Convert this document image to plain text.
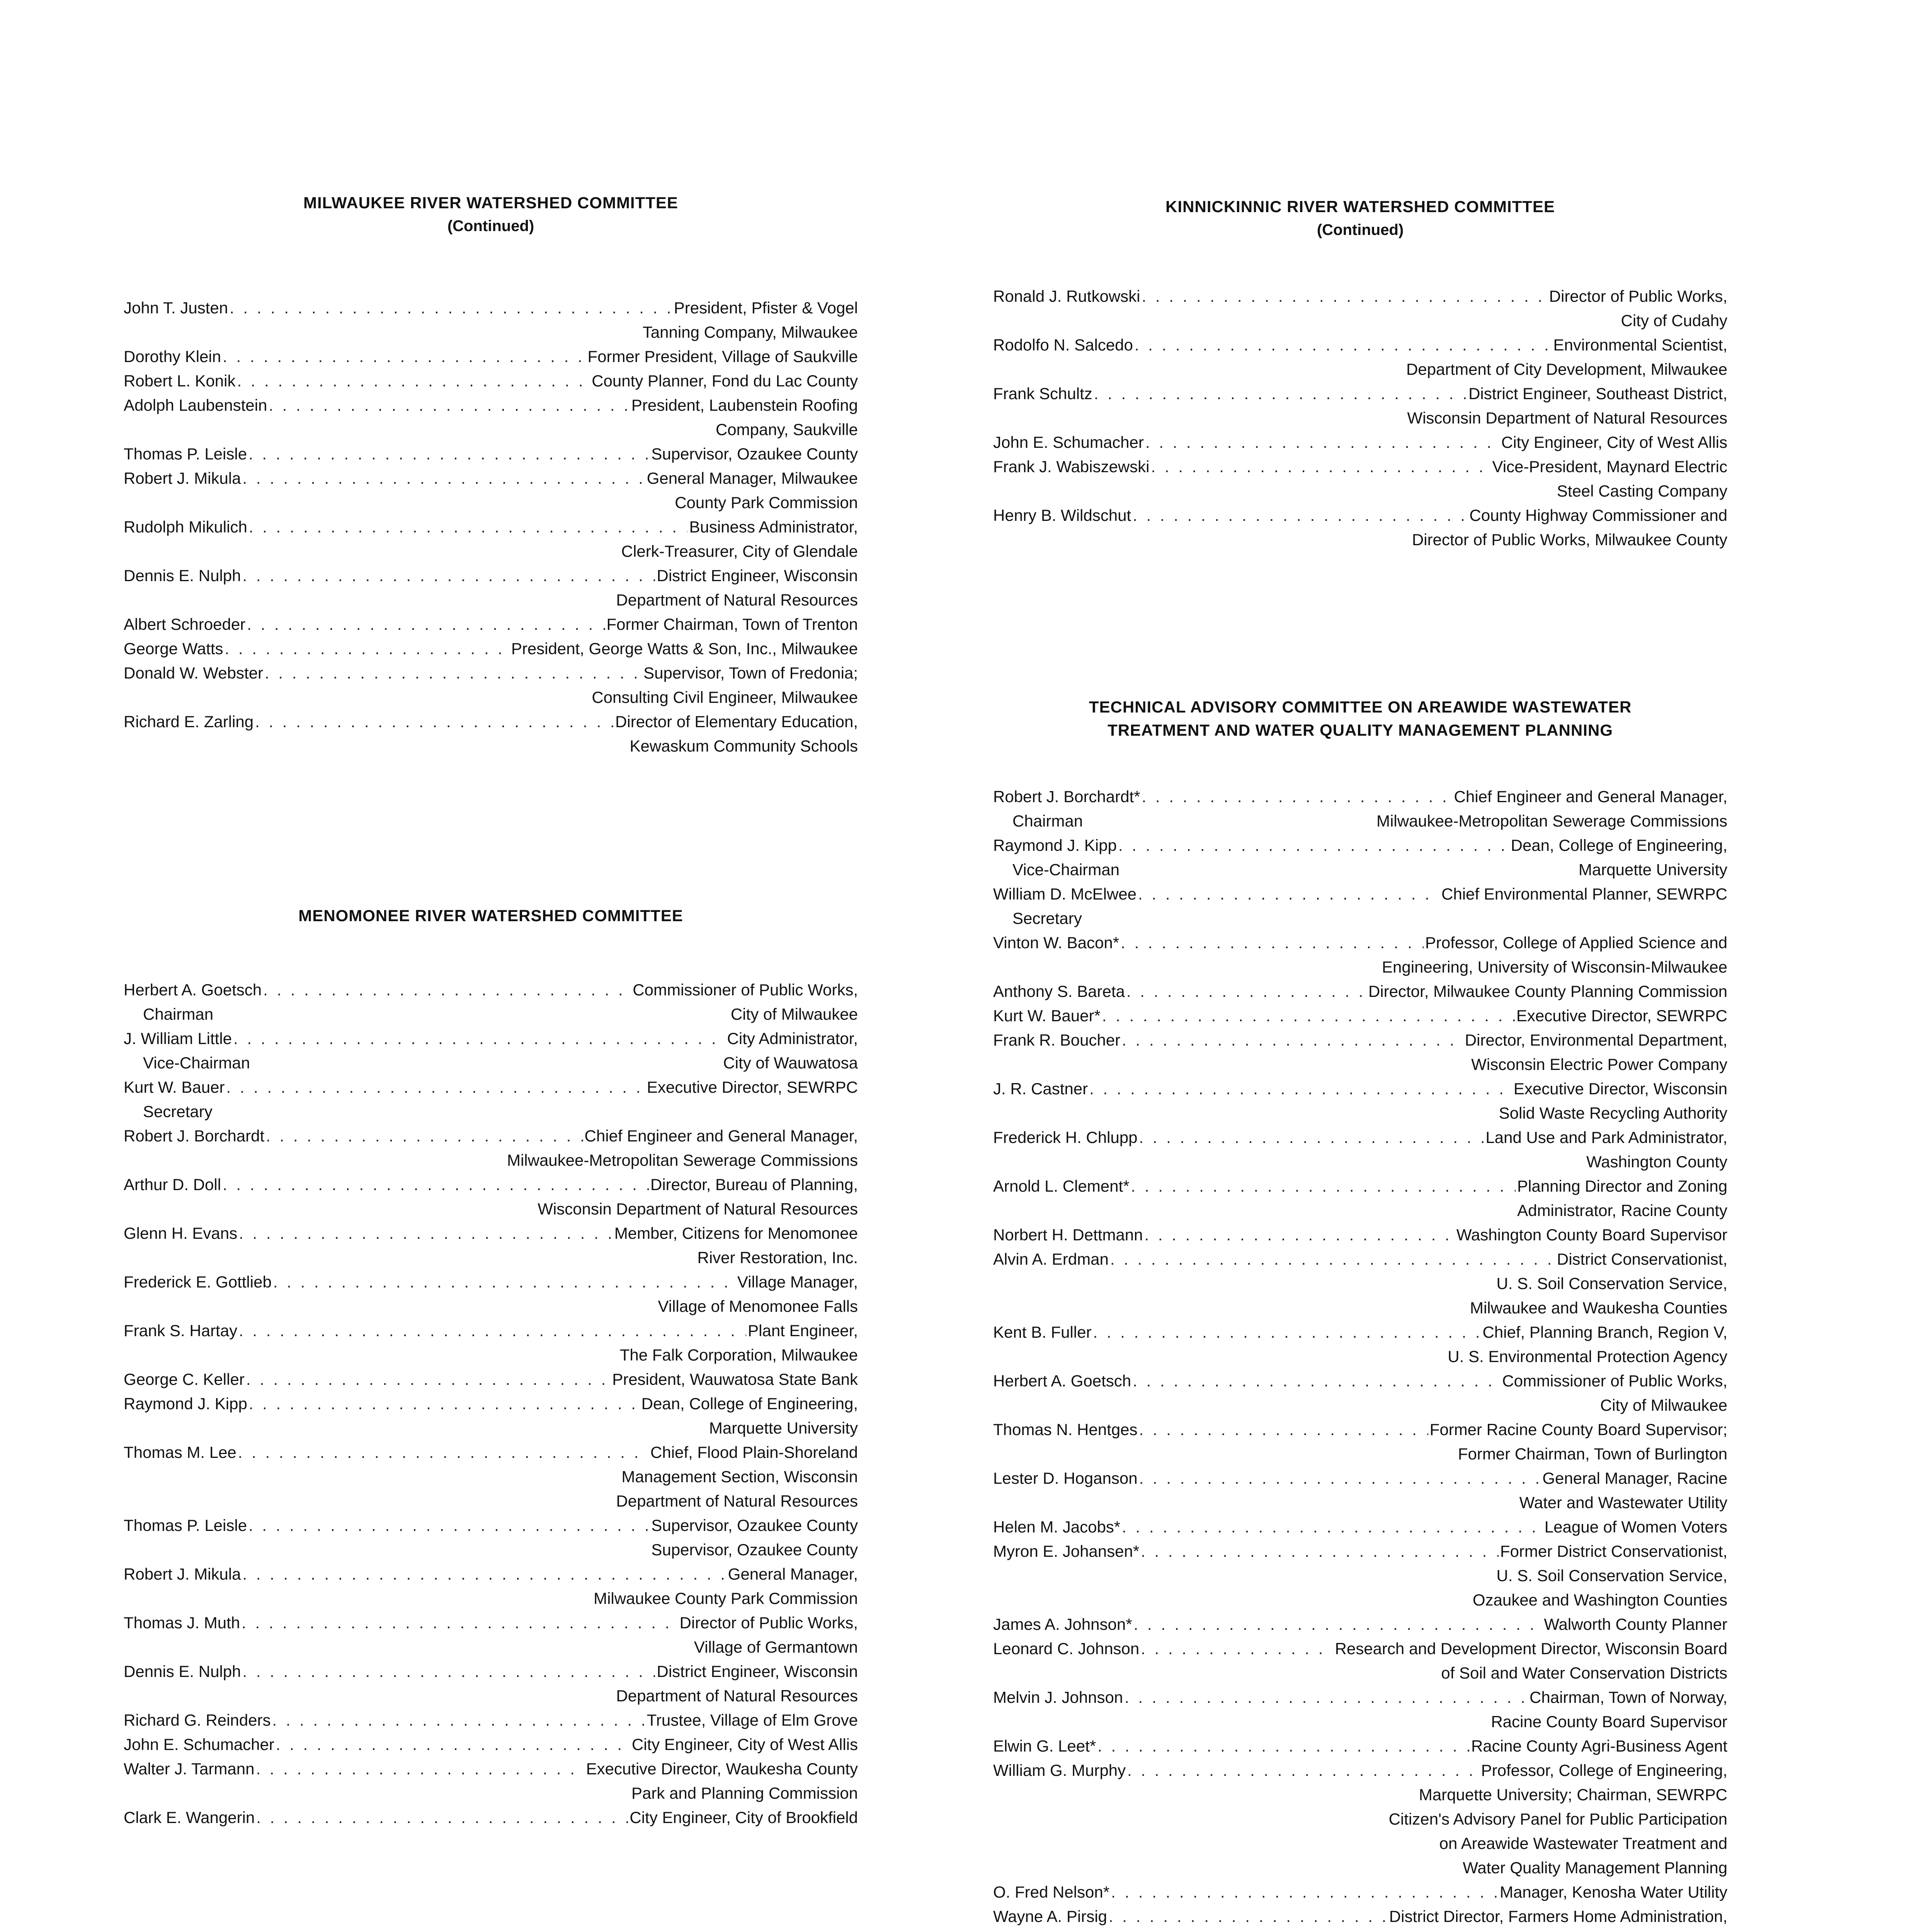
MILWAUKEE RIVER WATERSHED COMMITTEE
(Continued)
John T. Justen . . .	President, Pfister & Vogel
Tanning Company, Milwaukee
Dorothy Klein . . .	Former President, Village of Saukville
Robert L. Konik . . .	County Planner, Fond du Lac County
Adolph Laubenstein . . .	President, Laubenstein Roofing
Company, Saukville
Thomas P. Leisle . . .	Supervisor, Ozaukee County
Robert J. Mikula . . .	General Manager, Milwaukee
County Park Commission
Rudolph Mikulich . . .	Business Administrator,
Clerk-Treasurer, City of Glendale
Dennis E. Nulph . . .	District Engineer, Wisconsin
Department of Natural Resources
Albert Schroeder . . .	Former Chairman, Town of Trenton
George Watts . . .	President, George Watts & Son, Inc., Milwaukee
Donald W. Webster . . .	Supervisor, Town of Fredonia;
Consulting Civil Engineer, Milwaukee
Richard E. Zarling . . .	Director of Elementary Education,
Kewaskum Community Schools
MENOMONEE RIVER WATERSHED COMMITTEE
Herbert A. Goetsch . . .	Commissioner of Public Works,
Chairman	City of Milwaukee
J. William Little . . .	City Administrator,
Vice-Chairman	City of Wauwatosa
Kurt W. Bauer . . .	Executive Director, SEWRPC
Secretary
Robert J. Borchardt . . .	Chief Engineer and General Manager,
Milwaukee-Metropolitan Sewerage Commissions
Arthur D. Doll . . .	Director, Bureau of Planning,
Wisconsin Department of Natural Resources
Glenn H. Evans . . .	Member, Citizens for Menomonee
River Restoration, Inc.
Frederick E. Gottlieb . . .	Village Manager,
Village of Menomonee Falls
Frank S. Hartay . . .	Plant Engineer,
The Falk Corporation, Milwaukee
George C. Keller . . .	President, Wauwatosa State Bank
Raymond J. Kipp . . .	Dean, College of Engineering,
Marquette University
Thomas M. Lee . . .	Chief, Flood Plain-Shoreland
Management Section, Wisconsin
Department of Natural Resources
Thomas P. Leisle . . .	Supervisor, Ozaukee County
Supervisor, Ozaukee County
Robert J. Mikula . . .	General Manager,
Milwaukee County Park Commission
Thomas J. Muth . . .	Director of Public Works,
Village of Germantown
Dennis E. Nulph . . .	District Engineer, Wisconsin
Department of Natural Resources
Richard G. Reinders . . .	Trustee, Village of Elm Grove
John E. Schumacher . . .	City Engineer, City of West Allis
Walter J. Tarmann . . .	Executive Director, Waukesha County
Park and Planning Commission
Clark E. Wangerin . . .	City Engineer, City of Brookfield
KINNICKINNIC RIVER WATERSHED COMMITTEE
(Continued)
Ronald J. Rutkowski . . .	Director of Public Works,
City of Cudahy
Rodolfo N. Salcedo . . .	Environmental Scientist,
Department of City Development, Milwaukee
Frank Schultz . . .	District Engineer, Southeast District,
Wisconsin Department of Natural Resources
John E. Schumacher . . .	City Engineer, City of West Allis
Frank J. Wabiszewski . . .	Vice-President, Maynard Electric
Steel Casting Company
Henry B. Wildschut . . .	County Highway Commissioner and
Director of Public Works, Milwaukee County
TECHNICAL ADVISORY COMMITTEE ON AREAWIDE WASTEWATER
TREATMENT AND WATER QUALITY MANAGEMENT PLANNING
Robert J. Borchardt* . . .	Chief Engineer and General Manager,
Chairman	Milwaukee-Metropolitan Sewerage Commissions
Raymond J. Kipp . . .	Dean, College of Engineering,
Vice-Chairman	Marquette University
William D. McElwee . . .	Chief Environmental Planner, SEWRPC
Secretary
Vinton W. Bacon* . . .	Professor, College of Applied Science and
Engineering, University of Wisconsin-Milwaukee
Anthony S. Bareta . . .	Director, Milwaukee County Planning Commission
Kurt W. Bauer* . . .	Executive Director, SEWRPC
Frank R. Boucher . . .	Director, Environmental Department,
Wisconsin Electric Power Company
J. R. Castner . . .	Executive Director, Wisconsin
Solid Waste Recycling Authority
Frederick H. Chlupp . . .	Land Use and Park Administrator,
Washington County
Arnold L. Clement* . . .	Planning Director and Zoning
Administrator, Racine County
Norbert H. Dettmann . . .	Washington County Board Supervisor
Alvin A. Erdman . . .	District Conservationist,
U. S. Soil Conservation Service,
Milwaukee and Waukesha Counties
Kent B. Fuller . . .	Chief, Planning Branch, Region V,
U. S. Environmental Protection Agency
Herbert A. Goetsch . . .	Commissioner of Public Works,
City of Milwaukee
Thomas N. Hentges . . .	Former Racine County Board Supervisor;
Former Chairman, Town of Burlington
Lester D. Hoganson . . .	General Manager, Racine
Water and Wastewater Utility
Helen M. Jacobs* . . .	League of Women Voters
Myron E. Johansen* . . .	Former District Conservationist,
U. S. Soil Conservation Service,
Ozaukee and Washington Counties
James A. Johnson* . . .	Walworth County Planner
Leonard C. Johnson . . .	Research and Development Director, Wisconsin Board
of Soil and Water Conservation Districts
Melvin J. Johnson . . .	Chairman, Town of Norway,
Racine County Board Supervisor
Elwin G. Leet* . . .	Racine County Agri-Business Agent
William G. Murphy . . .	Professor, College of Engineering,
Marquette University; Chairman, SEWRPC
Citizen's Advisory Panel for Public Participation
on Areawide Wastewater Treatment and
Water Quality Management Planning
O. Fred Nelson* . . .	Manager, Kenosha Water Utility
Wayne A. Pirsig . . .	District Director, Farmers Home Administration,
